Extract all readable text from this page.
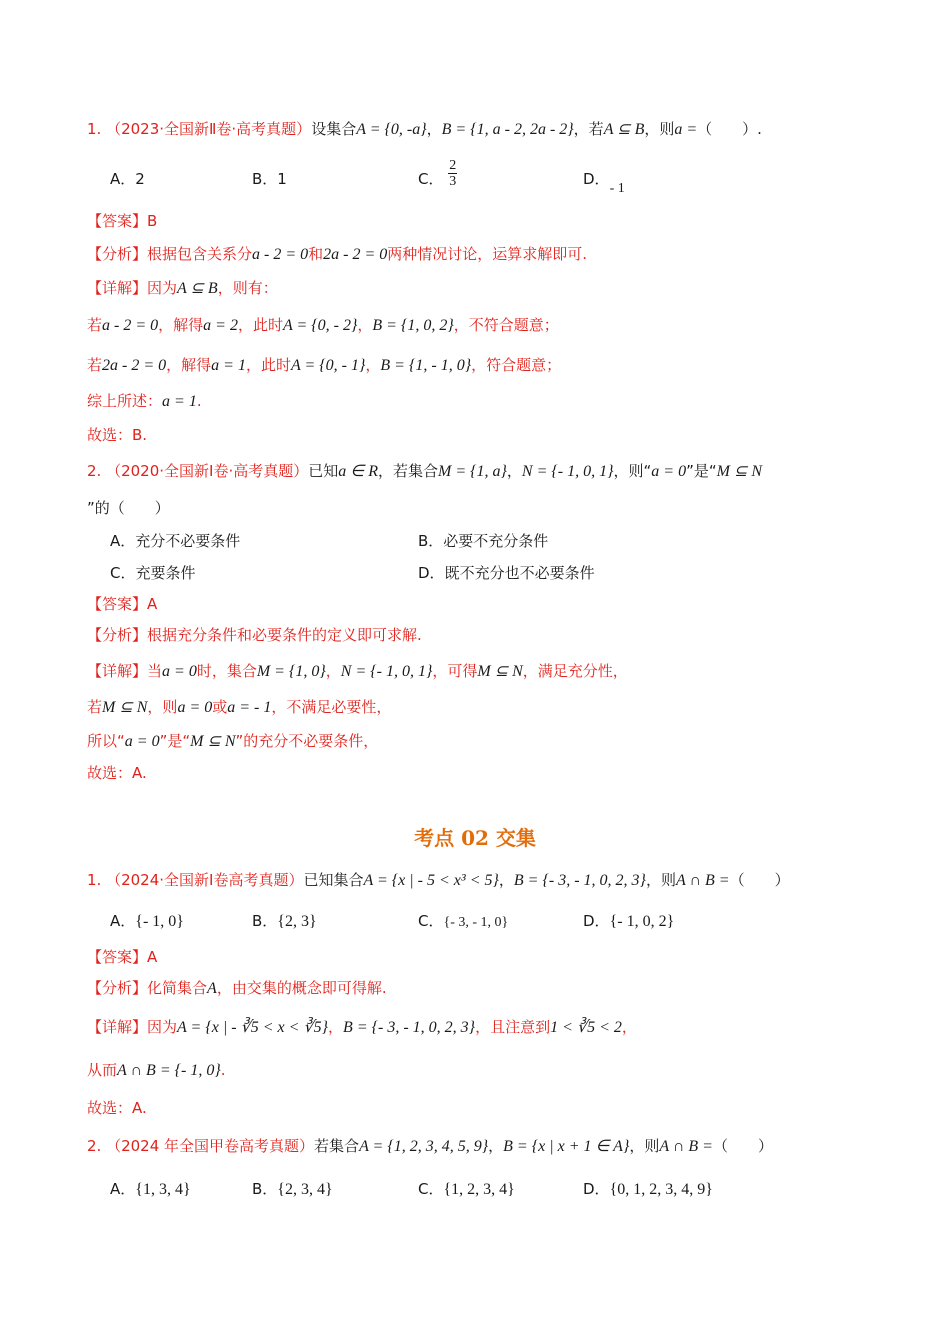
1. （2023·全国新Ⅱ卷·高考真题）设集合A = {0, -a}，B = {1, a - 2, 2a - 2}，若A ⊆ B，则a =（　　）.
A．2	B．1	C． $\frac{2}{3}$	D．- 1
【答案】B
【分析】根据包含关系分a - 2 = 0和2a - 2 = 0两种情况讨论，运算求解即可.
【详解】因为A ⊆ B，则有：
若a - 2 = 0，解得a = 2，此时A = {0, - 2}，B = {1, 0, 2}，不符合题意；
若2a - 2 = 0，解得a = 1，此时A = {0, - 1}，B = {1, - 1, 0}，符合题意；
综上所述：a = 1.
故选：B.
2. （2020·全国新Ⅰ卷·高考真题）已知a ∈ R，若集合M = {1, a}，N = {- 1, 0, 1}，则“a = 0”是“M ⊆ N
”的（　　）
A．充分不必要条件	B．必要不充分条件
C．充要条件	D．既不充分也不必要条件
【答案】A
【分析】根据充分条件和必要条件的定义即可求解.
【详解】当a = 0时，集合M = {1, 0}，N = {- 1, 0, 1}，可得M ⊆ N，满足充分性，
若M ⊆ N，则a = 0或a = - 1，不满足必要性，
所以“a = 0”是“M ⊆ N”的充分不必要条件，
故选：A.
考点 02 交集
1. （2024·全国新Ⅰ卷高考真题）已知集合A = {x | - 5 < x³ < 5}，B = {- 3, - 1, 0, 2, 3}，则A ∩ B =（　　）
A．{- 1, 0}	B．{2, 3}	C．{- 3, - 1, 0}	D．{- 1, 0, 2}
【答案】A
【分析】化简集合A，由交集的概念即可得解.
【详解】因为A = {x | - ∛5 < x < ∛5}，B = {- 3, - 1, 0, 2, 3}，且注意到1 < ∛5 < 2，
从而A ∩ B = {- 1, 0}.
故选：A.
2. （2024 年全国甲卷高考真题）若集合A = {1, 2, 3, 4, 5, 9}，B = {x | x + 1 ∈ A}，则A ∩ B =（　　）
A．{1, 3, 4}	B．{2, 3, 4}	C．{1, 2, 3, 4}	D．{0, 1, 2, 3, 4, 9}
